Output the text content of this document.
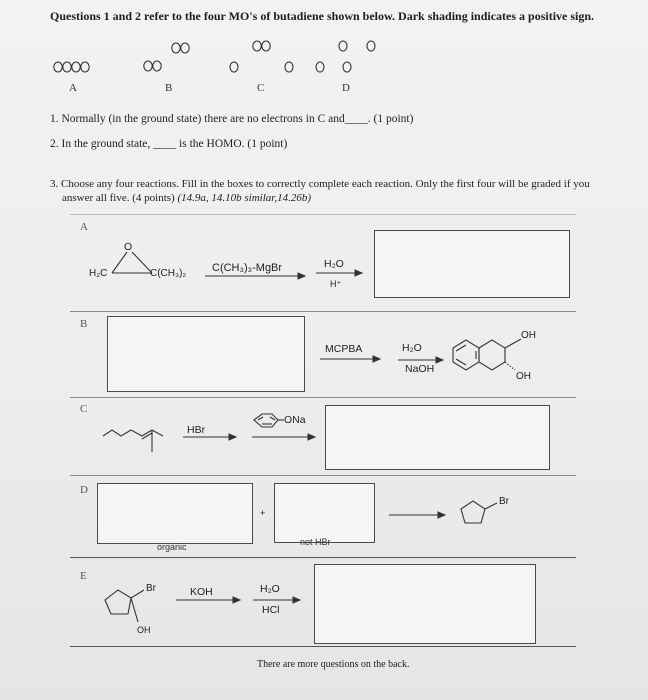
Questions 1 and 2 refer to the four MO's of butadiene shown below. Dark shading indicates a positive sign.
A	B	C	D
1. Normally (in the ground state) there are no electrons in C and____. (1 point)
2. In the ground state, ____ is the HOMO. (1 point)
3. Choose any four reactions. Fill in the boxes to correctly complete each reaction. Only the first four will be graded if you
answer all five. (4 points) (14.9a, 14.10b similar,14.26b)
A
O
H₂C	C(CH₃)₂ C(CH₃)₃-MgBr	H₂O
H⁺
B
MCPBA	H₂O
NaOH
OH
OH
C
HBr
ONa
D
organic
+
not HBr
Br
E
Br
OH
KOH	H₂O
HCl
There are more questions on the back.
